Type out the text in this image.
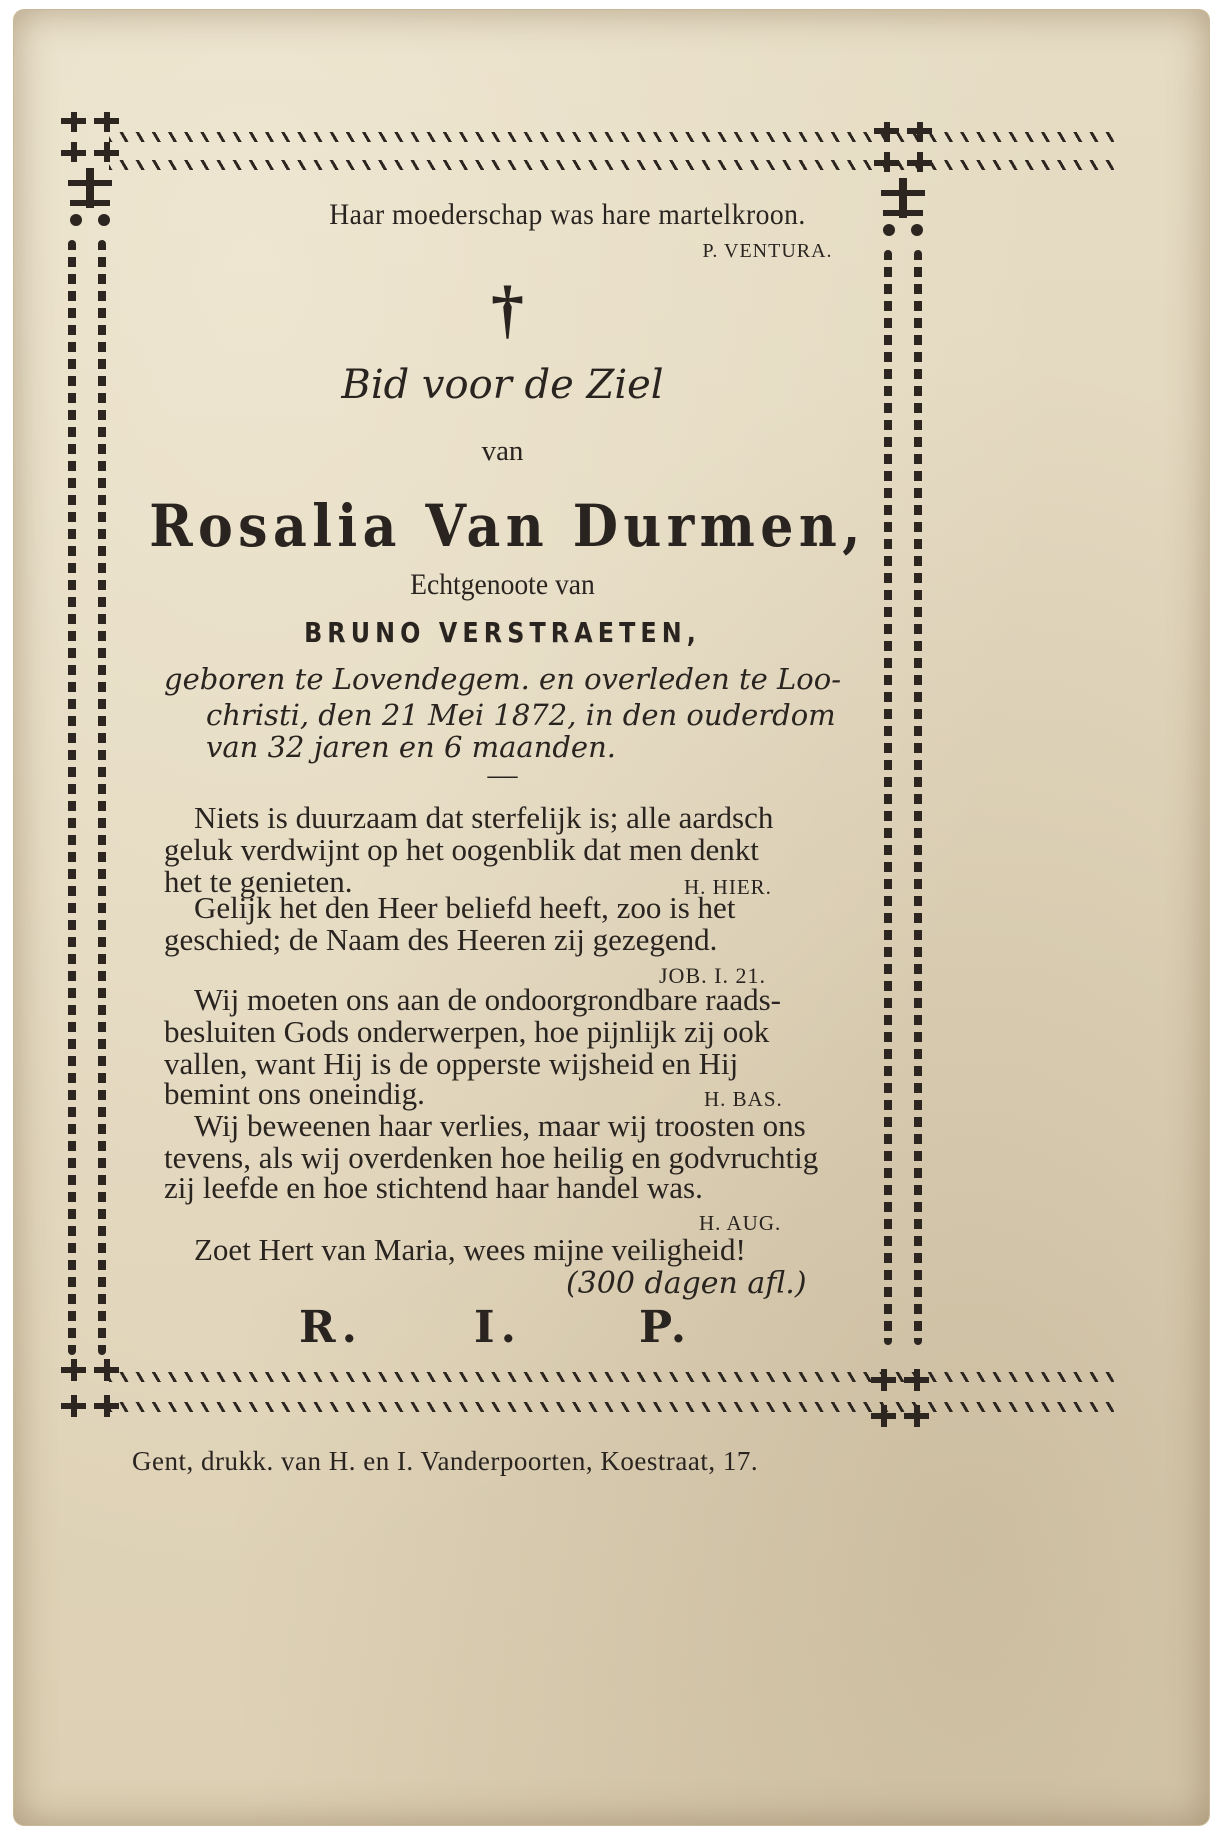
Haar moederschap was hare martelkroon.
P. VENTURA.
†
Bid voor de Ziel
van
Rosalia Van Durmen,
Echtgenoote van
BRUNO VERSTRAETEN,
geboren te Lovendegem. en overleden te Loo-
christi, den 21 Mei 1872, in den ouderdom
van 32 jaren en 6 maanden.
—
Niets is duurzaam dat sterfelijk is; alle aardsch
geluk verdwijnt op het oogenblik dat men denkt
het te genieten.	H. HIER.
Gelijk het den Heer beliefd heeft, zoo is het
geschied; de Naam des Heeren zij gezegend.
JOB. I. 21.
Wij moeten ons aan de ondoorgrondbare raads-
besluiten Gods onderwerpen, hoe pijnlijk zij ook
vallen, want Hij is de opperste wijsheid en Hij
bemint ons oneindig.	H. BAS.
Wij beweenen haar verlies, maar wij troosten ons
tevens, als wij overdenken hoe heilig en godvruchtig
zij leefde en hoe stichtend haar handel was.
H. AUG.
Zoet Hert van Maria, wees mijne veiligheid!
(300 dagen afl.)
R.	I.	P.
Gent, drukk. van H. en I. Vanderpoorten, Koestraat, 17.
